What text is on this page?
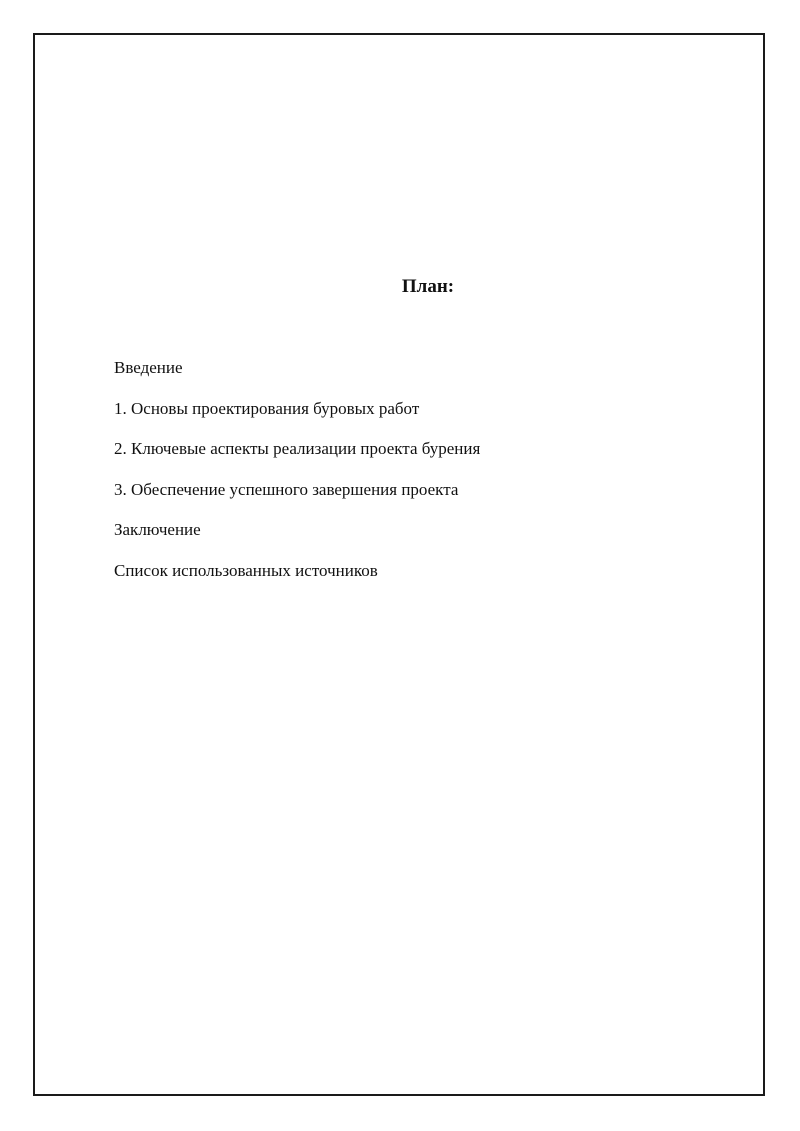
План:
Введение
1. Основы проектирования буровых работ
2. Ключевые аспекты реализации проекта бурения
3. Обеспечение успешного завершения проекта
Заключение
Список использованных источников
